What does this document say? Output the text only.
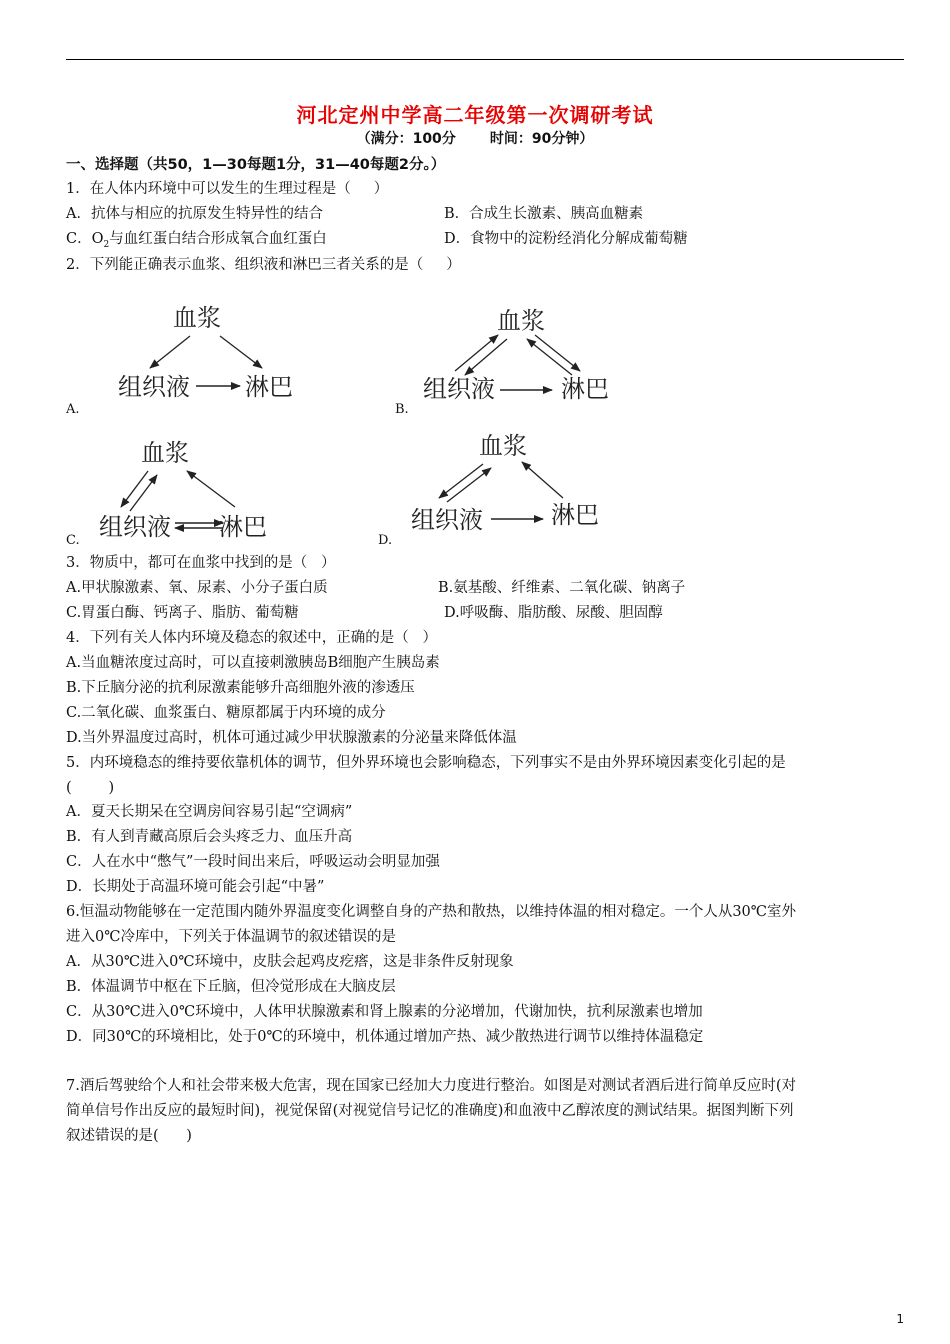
河北定州中学高二年级第一次调研考试
（满分：100分       时间：90分钟）
一、选择题（共50，1—30每题1分，31—40每题2分。）
1．在人体内环境中可以发生的生理过程是（     ）
A．抗体与相应的抗原发生特异性的结合	B．合成生长激素、胰高血糖素
C．$O_2$与血红蛋白结合形成氧合血红蛋白	D．食物中的淀粉经消化分解成葡萄糖
2．下列能正确表示血浆、组织液和淋巴三者关系的是（     ）
血浆
组织液 淋巴
A.
血浆
组织液	淋巴
B.
血浆
组织液 淋巴
C.
血浆
组织液	淋巴
D.
3．物质中，都可在血浆中找到的是（   ）
A.甲状腺激素、氧、尿素、小分子蛋白质	B.氨基酸、纤维素、二氧化碳、钠离子
C.胃蛋白酶、钙离子、脂肪、葡萄糖	D.呼吸酶、脂肪酸、尿酸、胆固醇
4．下列有关人体内环境及稳态的叙述中，正确的是（   ）
A.当血糖浓度过高时，可以直接刺激胰岛B细胞产生胰岛素
B.下丘脑分泌的抗利尿激素能够升高细胞外液的渗透压
C.二氧化碳、血浆蛋白、糖原都属于内环境的成分
D.当外界温度过高时，机体可通过减少甲状腺激素的分泌量来降低体温
5．内环境稳态的维持要依靠机体的调节，但外界环境也会影响稳态，下列事实不是由外界环境因素变化引起的是
(        )
A．夏天长期呆在空调房间容易引起“空调病”
B．有人到青藏高原后会头疼乏力、血压升高
C．人在水中“憋气”一段时间出来后，呼吸运动会明显加强
D．长期处于高温环境可能会引起“中暑”
6.恒温动物能够在一定范围内随外界温度变化调整自身的产热和散热，以维持体温的相对稳定。一个人从30℃室外
进入0℃冷库中，下列关于体温调节的叙述错误的是
A．从30℃进入0℃环境中，皮肤会起鸡皮疙瘩，这是非条件反射现象
B．体温调节中枢在下丘脑，但冷觉形成在大脑皮层
C．从30℃进入0℃环境中，人体甲状腺激素和肾上腺素的分泌增加，代谢加快，抗利尿激素也增加
D．同30℃的环境相比，处于0℃的环境中，机体通过增加产热、减少散热进行调节以维持体温稳定
7.酒后驾驶给个人和社会带来极大危害，现在国家已经加大力度进行整治。如图是对测试者酒后进行简单反应时(对
简单信号作出反应的最短时间)，视觉保留(对视觉信号记忆的准确度)和血液中乙醇浓度的测试结果。据图判断下列
叙述错误的是(      )
1
